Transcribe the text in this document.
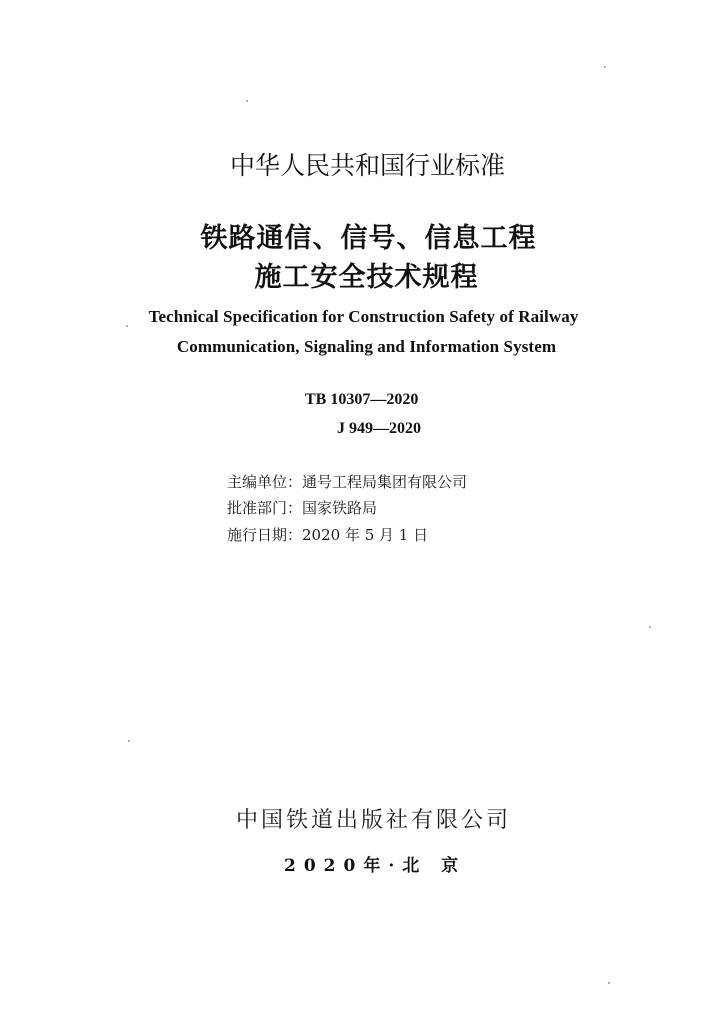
中华人民共和国行业标准
铁路通信、信号、信息工程
施工安全技术规程
Technical Specification for Construction Safety of Railway
Communication, Signaling and Information System
TB 10307—2020
J 949—2020
主编单位：通号工程局集团有限公司
批准部门：国家铁路局
施行日期：2020 年 5 月 1 日
中国铁道出版社有限公司
2020年·北 京
